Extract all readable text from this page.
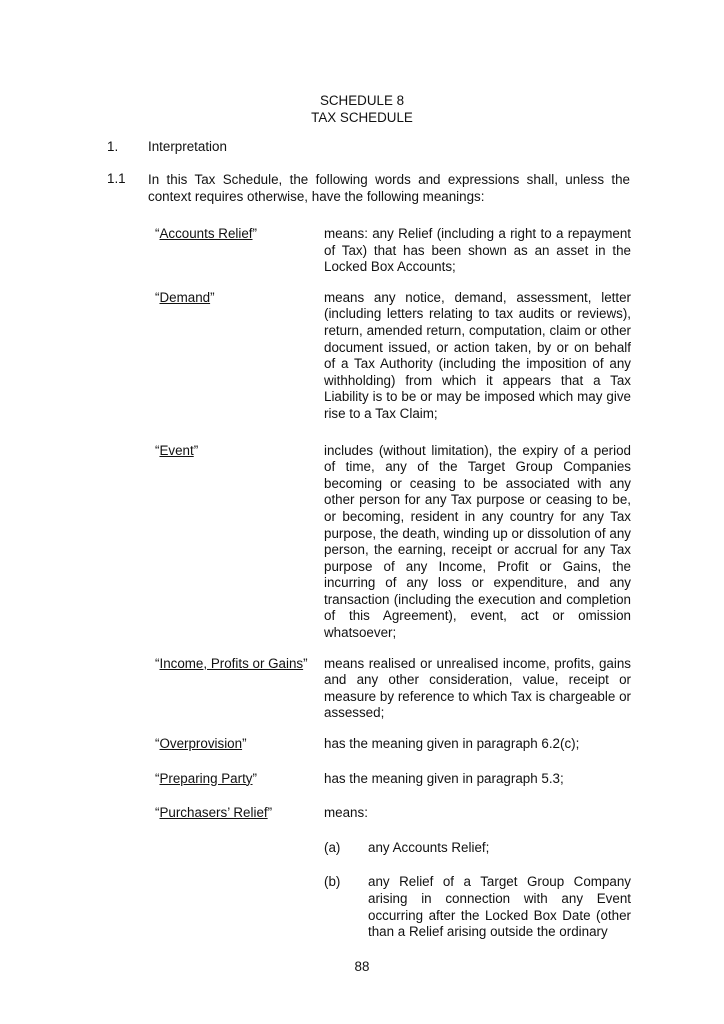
SCHEDULE 8
TAX SCHEDULE
1. Interpretation
1.1 In this Tax Schedule, the following words and expressions shall, unless the context requires otherwise, have the following meanings:
“Accounts Relief”	means: any Relief (including a right to a repayment of Tax) that has been shown as an asset in the Locked Box Accounts;
“Demand”	means any notice, demand, assessment, letter (including letters relating to tax audits or reviews), return, amended return, computation, claim or other document issued, or action taken, by or on behalf of a Tax Authority (including the imposition of any withholding) from which it appears that a Tax Liability is to be or may be imposed which may give rise to a Tax Claim;
“Event”	includes (without limitation), the expiry of a period of time, any of the Target Group Companies becoming or ceasing to be associated with any other person for any Tax purpose or ceasing to be, or becoming, resident in any country for any Tax purpose, the death, winding up or dissolution of any person, the earning, receipt or accrual for any Tax purpose of any Income, Profit or Gains, the incurring of any loss or expenditure, and any transaction (including the execution and completion of this Agreement), event, act or omission whatsoever;
“Income, Profits or Gains”	means realised or unrealised income, profits, gains and any other consideration, value, receipt or measure by reference to which Tax is chargeable or assessed;
“Overprovision”	has the meaning given in paragraph 6.2(c);
“Preparing Party”	has the meaning given in paragraph 5.3;
“Purchasers’ Relief”	means:
(a)	any Accounts Relief;
(b)	any Relief of a Target Group Company arising in connection with any Event occurring after the Locked Box Date (other than a Relief arising outside the ordinary
88
